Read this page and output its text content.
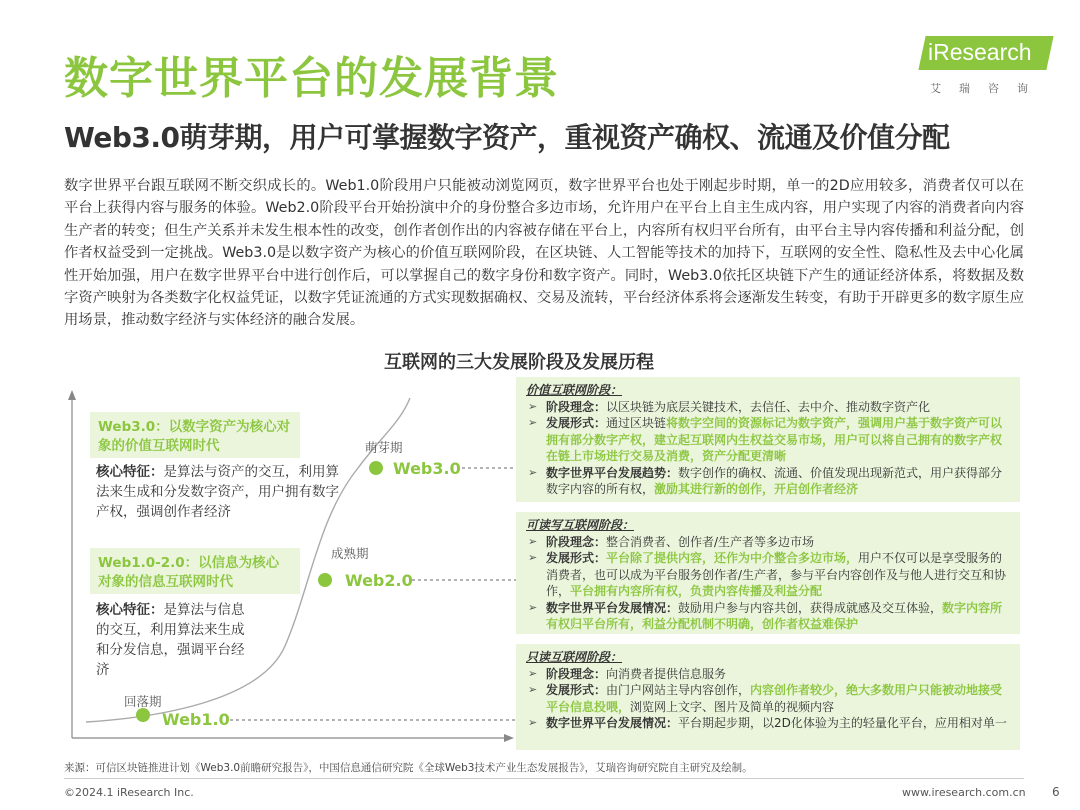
数字世界平台的发展背景
Web3.0萌芽期，用户可掌握数字资产，重视资产确权、流通及价值分配
iResearch
艾瑞咨询
数字世界平台跟互联网不断交织成长的。Web1.0阶段用户只能被动浏览网页，数字世界平台也处于刚起步时期，单一的2D应用较多，消费者仅可以在平台上获得内容与服务的体验。Web2.0阶段平台开始扮演中介的身份整合多边市场，允许用户在平台上自主生成内容，用户实现了内容的消费者向内容生产者的转变；但生产关系并未发生根本性的改变，创作者创作出的内容被存储在平台上，内容所有权归平台所有，由平台主导内容传播和利益分配，创作者权益受到一定挑战。Web3.0是以数字资产为核心的价值互联网阶段，在区块链、人工智能等技术的加持下，互联网的安全性、隐私性及去中心化属性开始加强，用户在数字世界平台中进行创作后，可以掌握自己的数字身份和数字资产。同时，Web3.0依托区块链下产生的通证经济体系，将数据及数字资产映射为各类数字化权益凭证，以数字凭证流通的方式实现数据确权、交易及流转，平台经济体系将会逐渐发生转变，有助于开辟更多的数字原生应用场景，推动数字经济与实体经济的融合发展。
互联网的三大发展阶段及发展历程
Web3.0：以数字资产为核心对象的价值互联网时代
核心特征：是算法与资产的交互，利用算法来生成和分发数字资产，用户拥有数字产权，强调创作者经济
Web1.0-2.0：以信息为核心对象的信息互联网时代
核心特征：是算法与信息的交互，利用算法来生成和分发信息，强调平台经济
萌芽期
成熟期
回落期
Web3.0
Web2.0
Web1.0
价值互联网阶段：
➢ 阶段理念：以区块链为底层关键技术，去信任、去中介、推动数字资产化
➢ 发展形式：通过区块链将数字空间的资源标记为数字资产，强调用户基于数字资产可以拥有部分数字产权，建立起互联网内生权益交易市场，用户可以将自己拥有的数字产权在链上市场进行交易及消费，资产分配更清晰
➢ 数字世界平台发展趋势：数字创作的确权、流通、价值发现出现新范式，用户获得部分数字内容的所有权，激励其进行新的创作，开启创作者经济
可读写互联网阶段：
➢ 阶段理念：整合消费者、创作者/生产者等多边市场
➢ 发展形式：平台除了提供内容，还作为中介整合多边市场，用户不仅可以是享受服务的消费者，也可以成为平台服务创作者/生产者，参与平台内容创作及与他人进行交互和协作，平台拥有内容所有权，负责内容传播及利益分配
➢ 数字世界平台发展情况：鼓励用户参与内容共创，获得成就感及交互体验，数字内容所有权归平台所有，利益分配机制不明确，创作者权益难保护
只读互联网阶段：
➢ 阶段理念：向消费者提供信息服务
➢ 发展形式：由门户网站主导内容创作，内容创作者较少，绝大多数用户只能被动地接受平台信息投喂，浏览网上文字、图片及简单的视频内容
➢ 数字世界平台发展情况：平台期起步期，以2D化体验为主的轻量化平台，应用相对单一
来源：可信区块链推进计划《Web3.0前瞻研究报告》，中国信息通信研究院《全球Web3技术产业生态发展报告》，艾瑞咨询研究院自主研究及绘制。
©2024.1 iResearch Inc.	www.iresearch.com.cn 6
